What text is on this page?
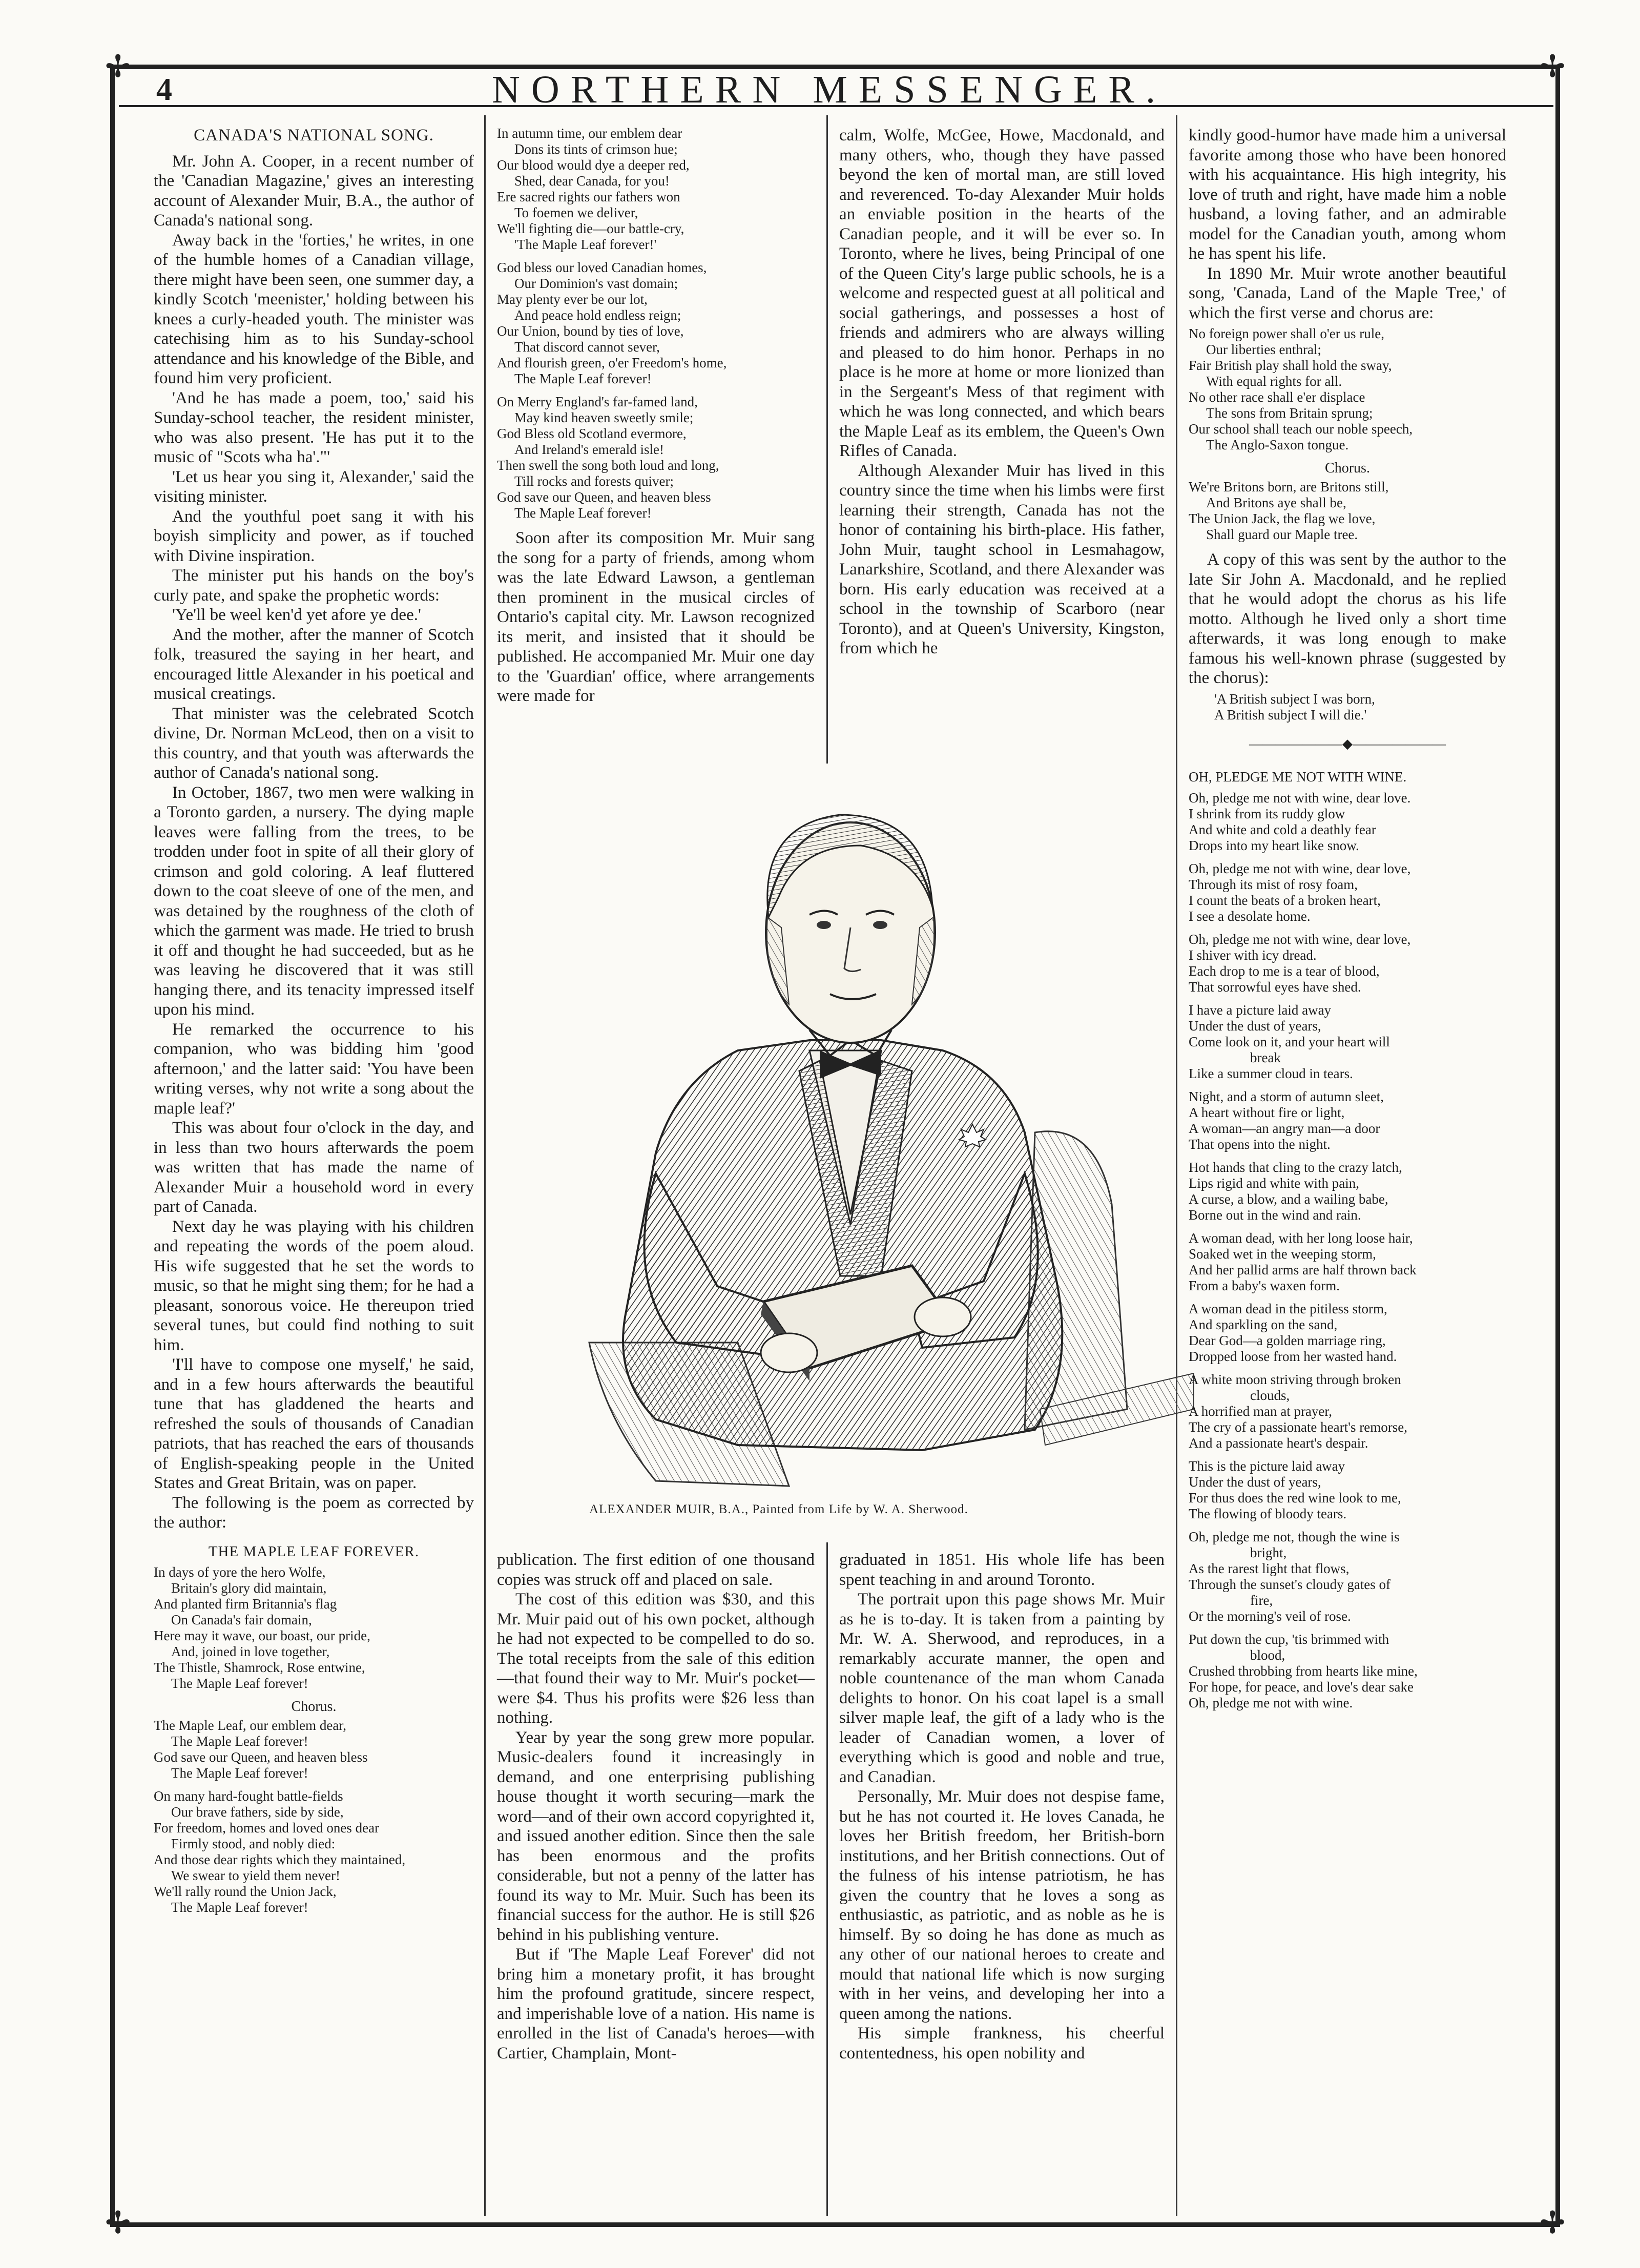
✢	✢
✢	✢
4	NORTHERN MESSENGER.
CANADA'S NATIONAL SONG.

Mr. John A. Cooper, in a recent number of the 'Canadian Magazine,' gives an interesting account of Alexander Muir, B.A., the author of Canada's national song.

Away back in the 'forties,' he writes, in one of the humble homes of a Canadian village, there might have been seen, one summer day, a kindly Scotch 'meenister,' holding between his knees a curly-headed youth. The minister was catechising him as to his Sunday-school attendance and his knowledge of the Bible, and found him very proficient.

'And he has made a poem, too,' said his Sunday-school teacher, the resident minister, who was also present. 'He has put it to the music of "Scots wha ha'."'

'Let us hear you sing it, Alexander,' said the visiting minister.

And the youthful poet sang it with his boyish simplicity and power, as if touched with Divine inspiration.

The minister put his hands on the boy's curly pate, and spake the prophetic words:

'Ye'll be weel ken'd yet afore ye dee.'

And the mother, after the manner of Scotch folk, treasured the saying in her heart, and encouraged little Alexander in his poetical and musical creatings.

That minister was the celebrated Scotch divine, Dr. Norman McLeod, then on a visit to this country, and that youth was afterwards the author of Canada's national song.

In October, 1867, two men were walking in a Toronto garden, a nursery. The dying maple leaves were falling from the trees, to be trodden under foot in spite of all their glory of crimson and gold coloring. A leaf fluttered down to the coat sleeve of one of the men, and was detained by the roughness of the cloth of which the garment was made. He tried to brush it off and thought he had succeeded, but as he was leaving he discovered that it was still hanging there, and its tenacity impressed itself upon his mind.

He remarked the occurrence to his companion, who was bidding him 'good afternoon,' and the latter said: 'You have been writing verses, why not write a song about the maple leaf?'

This was about four o'clock in the day, and in less than two hours afterwards the poem was written that has made the name of Alexander Muir a household word in every part of Canada.

Next day he was playing with his children and repeating the words of the poem aloud. His wife suggested that he set the words to music, so that he might sing them; for he had a pleasant, sonorous voice. He thereupon tried several tunes, but could find nothing to suit him.

'I'll have to compose one myself,' he said, and in a few hours afterwards the beautiful tune that has gladdened the hearts and refreshed the souls of thousands of Canadian patriots, that has reached the ears of thousands of English-speaking people in the United States and Great Britain, was on paper.

The following is the poem as corrected by the author:

THE MAPLE LEAF FOREVER.
In days of yore the hero Wolfe,
Britain's glory did maintain,
And planted firm Britannia's flag
On Canada's fair domain,
Here may it wave, our boast, our pride,
And, joined in love together,
The Thistle, Shamrock, Rose entwine,
The Maple Leaf forever!
Chorus.
The Maple Leaf, our emblem dear,
The Maple Leaf forever!
God save our Queen, and heaven bless
The Maple Leaf forever!
On many hard-fought battle-fields
Our brave fathers, side by side,
For freedom, homes and loved ones dear
Firmly stood, and nobly died:
And those dear rights which they maintained,
We swear to yield them never!
We'll rally round the Union Jack,
The Maple Leaf forever!
In autumn time, our emblem dear
Dons its tints of crimson hue;
Our blood would dye a deeper red,
Shed, dear Canada, for you!
Ere sacred rights our fathers won
To foemen we deliver,
We'll fighting die—our battle-cry,
'The Maple Leaf forever!'
God bless our loved Canadian homes,
Our Dominion's vast domain;
May plenty ever be our lot,
And peace hold endless reign;
Our Union, bound by ties of love,
That discord cannot sever,
And flourish green, o'er Freedom's home,
The Maple Leaf forever!
On Merry England's far-famed land,
May kind heaven sweetly smile;
God Bless old Scotland evermore,
And Ireland's emerald isle!
Then swell the song both loud and long,
Till rocks and forests quiver;
God save our Queen, and heaven bless
The Maple Leaf forever!

Soon after its composition Mr. Muir sang the song for a party of friends, among whom was the late Edward Lawson, a gentleman then prominent in the musical circles of Ontario's capital city. Mr. Lawson recognized its merit, and insisted that it should be published. He accompanied Mr. Muir one day to the 'Guardian' office, where arrangements were made for

calm, Wolfe, McGee, Howe, Macdonald, and many others, who, though they have passed beyond the ken of mortal man, are still loved and reverenced. To-day Alexander Muir holds an enviable position in the hearts of the Canadian people, and it will be ever so. In Toronto, where he lives, being Principal of one of the Queen City's large public schools, he is a welcome and respected guest at all political and social gatherings, and possesses a host of friends and admirers who are always willing and pleased to do him honor. Perhaps in no place is he more at home or more lionized than in the Sergeant's Mess of that regiment with which he was long connected, and which bears the Maple Leaf as its emblem, the Queen's Own Rifles of Canada.

Although Alexander Muir has lived in this country since the time when his limbs were first learning their strength, Canada has not the honor of containing his birth-place. His father, John Muir, taught school in Lesmahagow, Lanarkshire, Scotland, and there Alexander was born. His early education was received at a school in the township of Scarboro (near Toronto), and at Queen's University, Kingston, from which he

ALEXANDER MUIR, B.A., Painted from Life by W. A. Sherwood.

publication. The first edition of one thousand copies was struck off and placed on sale.

The cost of this edition was $30, and this Mr. Muir paid out of his own pocket, although he had not expected to be compelled to do so. The total receipts from the sale of this edition—that found their way to Mr. Muir's pocket—were $4. Thus his profits were $26 less than nothing.

Year by year the song grew more popular. Music-dealers found it increasingly in demand, and one enterprising publishing house thought it worth securing—mark the word—and of their own accord copyrighted it, and issued another edition. Since then the sale has been enormous and the profits considerable, but not a penny of the latter has found its way to Mr. Muir. Such has been its financial success for the author. He is still $26 behind in his publishing venture.

But if 'The Maple Leaf Forever' did not bring him a monetary profit, it has brought him the profound gratitude, sincere respect, and imperishable love of a nation. His name is enrolled in the list of Canada's heroes—with Cartier, Champlain, Mont-

graduated in 1851. His whole life has been spent teaching in and around Toronto.

The portrait upon this page shows Mr. Muir as he is to-day. It is taken from a painting by Mr. W. A. Sherwood, and reproduces, in a remarkably accurate manner, the open and noble countenance of the man whom Canada delights to honor. On his coat lapel is a small silver maple leaf, the gift of a lady who is the leader of Canadian women, a lover of everything which is good and noble and true, and Canadian.

Personally, Mr. Muir does not despise fame, but he has not courted it. He loves Canada, he loves her British freedom, her British-born institutions, and her British connections. Out of the fulness of his intense patriotism, he has given the country that he loves a song as enthusiastic, as patriotic, and as noble as he is himself. By so doing he has done as much as any other of our national heroes to create and mould that national life which is now surging with in her veins, and developing her into a queen among the nations.

His simple frankness, his cheerful contentedness, his open nobility and

kindly good-humor have made him a universal favorite among those who have been honored with his acquaintance. His high integrity, his love of truth and right, have made him a noble husband, a loving father, and an admirable model for the Canadian youth, among whom he has spent his life.

In 1890 Mr. Muir wrote another beautiful song, 'Canada, Land of the Maple Tree,' of which the first verse and chorus are:

No foreign power shall o'er us rule,
Our liberties enthral;
Fair British play shall hold the sway,
With equal rights for all.
No other race shall e'er displace
The sons from Britain sprung;
Our school shall teach our noble speech,
The Anglo-Saxon tongue.
Chorus.
We're Britons born, are Britons still,
And Britons aye shall be,
The Union Jack, the flag we love,
Shall guard our Maple tree.

A copy of this was sent by the author to the late Sir John A. Macdonald, and he replied that he would adopt the chorus as his life motto. Although he lived only a short time afterwards, it was long enough to make famous his well-known phrase (suggested by the chorus):

'A British subject I was born,
A British subject I will die.'
———————◆———————
OH, PLEDGE ME NOT WITH WINE.
Oh, pledge me not with wine, dear love.
I shrink from its ruddy glow
And white and cold a deathly fear
Drops into my heart like snow.
Oh, pledge me not with wine, dear love,
Through its mist of rosy foam,
I count the beats of a broken heart,
I see a desolate home.
Oh, pledge me not with wine, dear love,
I shiver with icy dread.
Each drop to me is a tear of blood,
That sorrowful eyes have shed.
I have a picture laid away
Under the dust of years,
Come look on it, and your heart will
break
Like a summer cloud in tears.
Night, and a storm of autumn sleet,
A heart without fire or light,
A woman—an angry man—a door
That opens into the night.
Hot hands that cling to the crazy latch,
Lips rigid and white with pain,
A curse, a blow, and a wailing babe,
Borne out in the wind and rain.
A woman dead, with her long loose hair,
Soaked wet in the weeping storm,
And her pallid arms are half thrown back
From a baby's waxen form.
A woman dead in the pitiless storm,
And sparkling on the sand,
Dear God—a golden marriage ring,
Dropped loose from her wasted hand.
A white moon striving through broken
clouds,
A horrified man at prayer,
The cry of a passionate heart's remorse,
And a passionate heart's despair.
This is the picture laid away
Under the dust of years,
For thus does the red wine look to me,
The flowing of bloody tears.
Oh, pledge me not, though the wine is
bright,
As the rarest light that flows,
Through the sunset's cloudy gates of
fire,
Or the morning's veil of rose.
Put down the cup, 'tis brimmed with
blood,
Crushed throbbing from hearts like mine,
For hope, for peace, and love's dear sake
Oh, pledge me not with wine.
